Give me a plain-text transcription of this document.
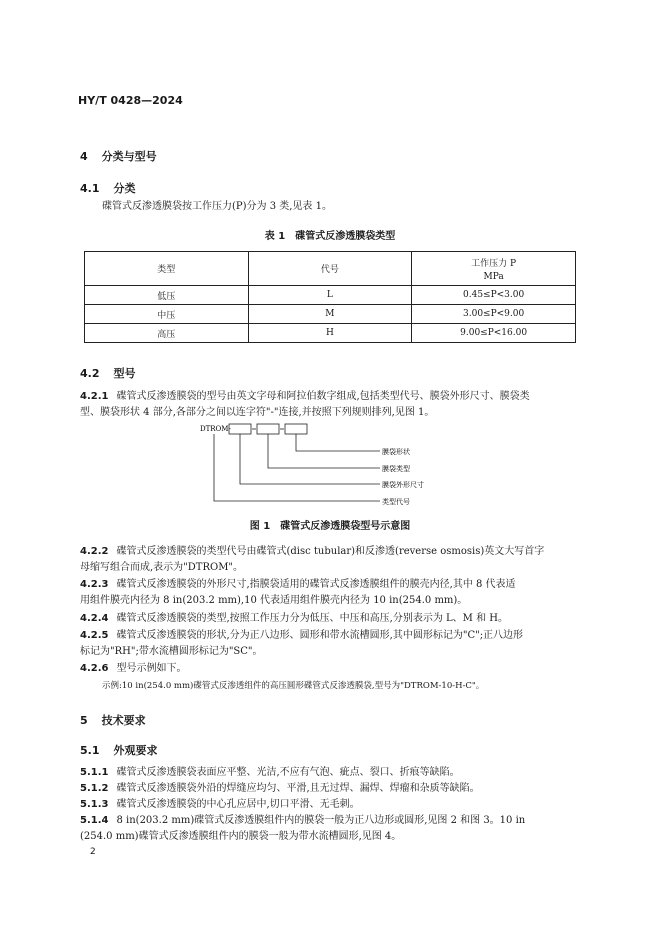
HY/T 0428—2024
4 分类与型号
4.1 分类
碟管式反渗透膜袋按工作压力(P)分为 3 类,见表 1。
表 1　碟管式反渗透膜袋类型
类型	代号	工作压力 P
MPa

低压	L	0.45≤P<3.00
中压	M	3.00≤P<9.00
高压	H	9.00≤P<16.00
4.2 型号
4.2.1 碟管式反渗透膜袋的型号由英文字母和阿拉伯数字组成,包括类型代号、膜袋外形尺寸、膜袋类
型、膜袋形状 4 部分,各部分之间以连字符"-"连接,并按照下列规则排列,见图 1。
DTROM-
膜袋形状
膜袋类型
膜袋外形尺寸
类型代号
图 1　碟管式反渗透膜袋型号示意图
4.2.2 碟管式反渗透膜袋的类型代号由碟管式(disc tubular)和反渗透(reverse osmosis)英文大写首字
母缩写组合而成,表示为"DTROM"。
4.2.3 碟管式反渗透膜袋的外形尺寸,指膜袋适用的碟管式反渗透膜组件的膜壳内径,其中 8 代表适
用组件膜壳内径为 8 in(203.2 mm),10 代表适用组件膜壳内径为 10 in(254.0 mm)。
4.2.4 碟管式反渗透膜袋的类型,按照工作压力分为低压、中压和高压,分别表示为 L、M 和 H。
4.2.5 碟管式反渗透膜袋的形状,分为正八边形、圆形和带水流槽圆形,其中圆形标记为"C";正八边形
标记为"RH";带水流槽圆形标记为"SC"。
4.2.6 型号示例如下。
示例:10 in(254.0 mm)碟管式反渗透组件的高压圆形碟管式反渗透膜袋,型号为"DTROM-10-H-C"。
5 技术要求
5.1 外观要求
5.1.1 碟管式反渗透膜袋表面应平整、光洁,不应有气泡、疵点、裂口、折痕等缺陷。
5.1.2 碟管式反渗透膜袋外沿的焊缝应均匀、平滑,且无过焊、漏焊、焊瘤和杂质等缺陷。
5.1.3 碟管式反渗透膜袋的中心孔应居中,切口平滑、无毛刺。
5.1.4 8 in(203.2 mm)碟管式反渗透膜组件内的膜袋一般为正八边形或圆形,见图 2 和图 3。10 in
(254.0 mm)碟管式反渗透膜组件内的膜袋一般为带水流槽圆形,见图 4。
2
